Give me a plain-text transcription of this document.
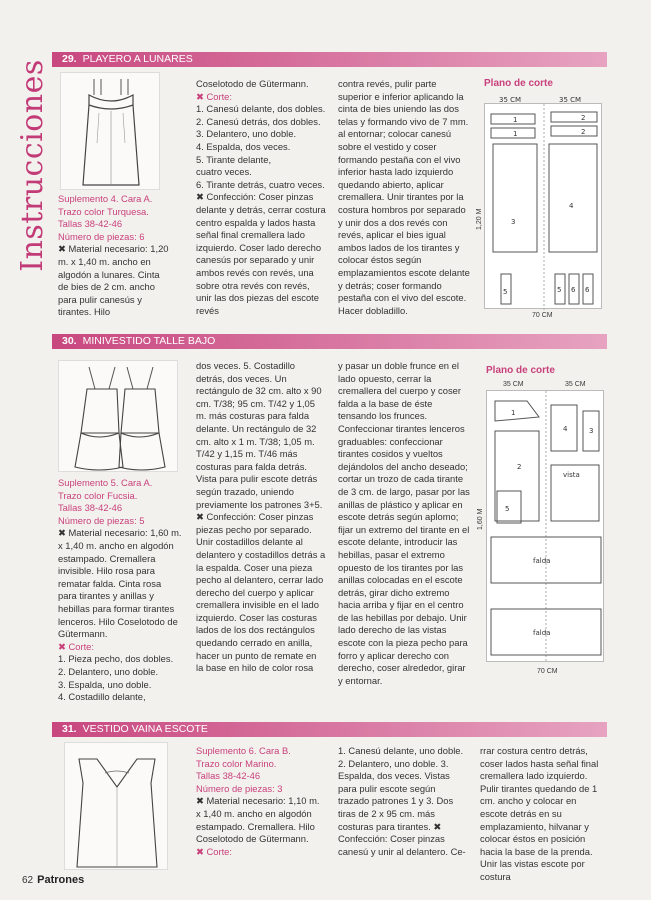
Instrucciones	29. PLAYERO A LUNARES

Suplemento 4. Cara A.

Trazo color Turquesa.

Tallas 38-42-46

Número de piezas: 6

✖ Material necesario: 1,20 m. x 1,40 m. ancho en algodón a lunares. Cinta de bies de 2 cm. ancho para pulir canesús y tirantes. Hilo

Coselotodo de Gütermann.

✖ Corte:

1. Canesú delante, dos dobles.

2. Canesú detrás, dos dobles.

3. Delantero, uno doble.

4. Espalda, dos veces.

5. Tirante delante,

cuatro veces.

6. Tirante detrás, cuatro veces.

✖ Confección: Coser pinzas delante y detrás, cerrar costura centro espalda y lados hasta señal final cremallera lado izquierdo. Coser lado derecho canesús por separado y unir ambos revés con revés, una sobre otra revés con revés, unir las dos piezas del escote revés

contra revés, pulir parte superior e inferior aplicando la cinta de bies uniendo las dos telas y formando vivo de 7 mm. al entornar; colocar canesú sobre el vestido y coser formando pestaña con el vivo inferior hasta lado izquierdo quedando abierto, aplicar cremallera. Unir tirantes por la costura hombros por separado y unir dos a dos revés con revés, aplicar el bies igual ambos lados de los tirantes y colocar éstos según emplazamientos escote delante y detrás; coser formando pestaña con el vivo del escote. Hacer dobladillo.

Plano de corte
35 CM	35 CM
1
1
2
2
3
4
5	5 6 6
1,20 M
70 CM
30. MINIVESTIDO TALLE BAJO

Suplemento 5. Cara A.

Trazo color Fucsia.

Tallas 38-42-46

Número de piezas: 5

✖ Material necesario: 1,60 m. x 1,40 m. ancho en algodón estampado. Cremallera invisible. Hilo rosa para rematar falda. Cinta rosa para tirantes y anillas y hebillas para formar tirantes lenceros. Hilo Coselotodo de Gütermann.

✖ Corte:

1. Pieza pecho, dos dobles.

2. Delantero, uno doble.

3. Espalda, uno doble.

4. Costadillo delante,

dos veces. 5. Costadillo detrás, dos veces. Un rectángulo de 32 cm. alto x 90 cm. T/38; 95 cm. T/42 y 1,05 m. más costuras para falda delante. Un rectángulo de 32 cm. alto x 1 m. T/38; 1,05 m. T/42 y 1,15 m. T/46 más costuras para falda detrás. Vista para pulir escote detrás según trazado, uniendo previamente los patrones 3+5. ✖ Confección: Coser pinzas piezas pecho por separado. Unir costadillos delante al delantero y costadillos detrás a la espalda. Coser una pieza pecho al delantero, cerrar lado derecho del cuerpo y aplicar cremallera invisible en el lado izquierdo. Coser las costuras lados de los dos rectángulos quedando cerrado en anilla, hacer un punto de remate en la base en hilo de color rosa

y pasar un doble frunce en el lado opuesto, cerrar la cremallera del cuerpo y coser falda a la base de éste tensando los frunces. Confeccionar tirantes lenceros graduables: confeccionar tirantes cosidos y vueltos dejándolos del ancho deseado; cortar un trozo de cada tirante de 3 cm. de largo, pasar por las anillas de plástico y aplicar en escote detrás según aplomo; fijar un extremo del tirante en el escote delante, introducir las hebillas, pasar el extremo opuesto de los tirantes por las anillas colocadas en el escote detrás, girar dicho extremo hacia arriba y fijar en el centro de las hebillas por debajo. Unir lado derecho de las vistas escote con la pieza pecho para forro y aplicar derecho con derecho, coser alrededor, girar y entornar.

Plano de corte
1
4	3
2
5
vista
falda
falda
35 CM	35 CM
1,60 M
70 CM
31. VESTIDO VAINA ESCOTE

Suplemento 6. Cara B.

Trazo color Marino.

Tallas 38-42-46

Número de piezas: 3

✖ Material necesario: 1,10 m. x 1,40 m. ancho en algodón estampado. Cremallera. Hilo Coselotodo de Gütermann.

✖ Corte:

1. Canesú delante, uno doble. 2. Delantero, uno doble. 3. Espalda, dos veces. Vistas para pulir escote según trazado patrones 1 y 3. Dos tiras de 2 x 95 cm. más costuras para tirantes. ✖ Confección: Coser pinzas canesú y unir al delantero. Ce-

rrar costura centro detrás, coser lados hasta señal final cremallera lado izquierdo. Pulir tirantes quedando de 1 cm. ancho y colocar en escote detrás en su emplazamiento, hilvanar y colocar éstos en posición hacia la base de la prenda. Unir las vistas escote por costura

62 Patrones
